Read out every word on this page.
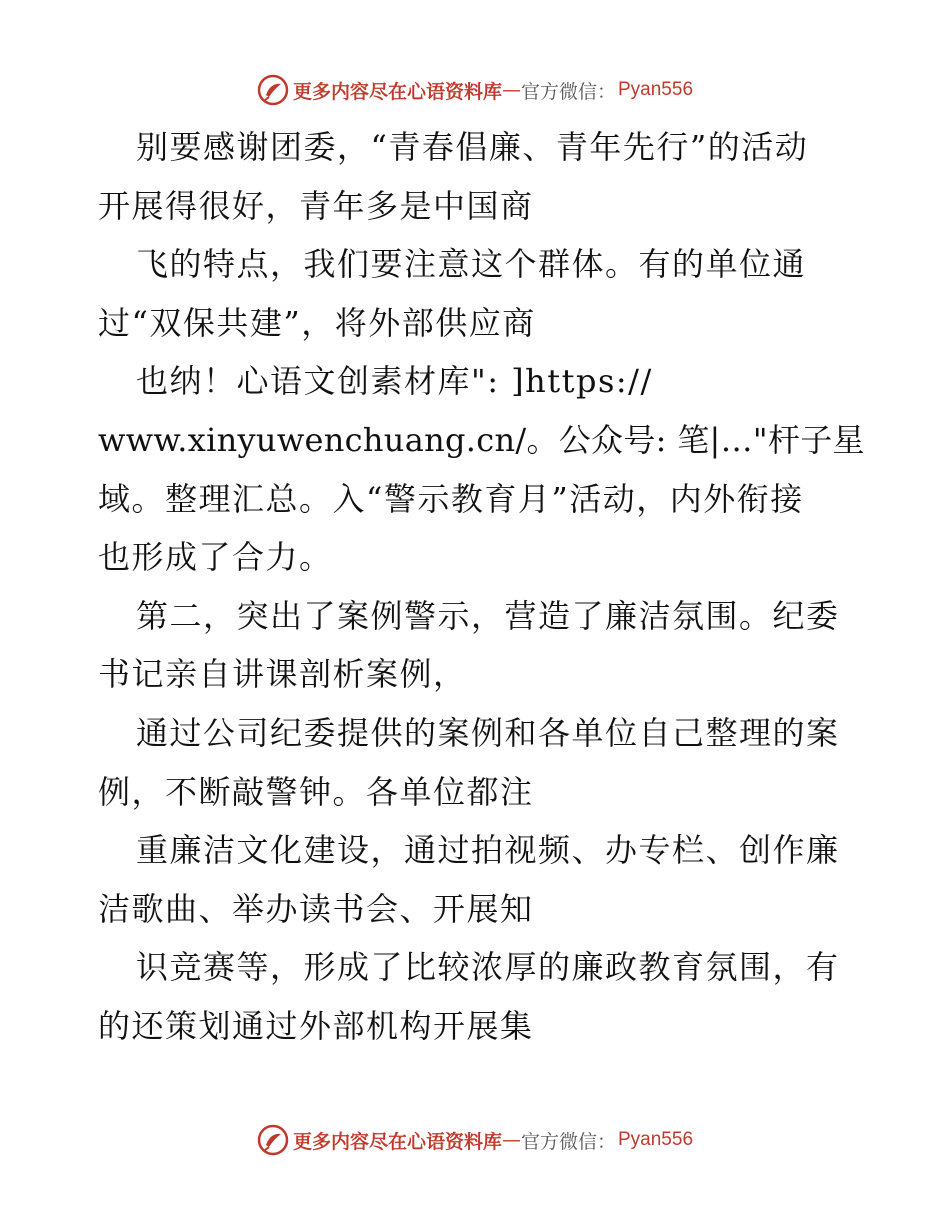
更多内容尽在心语资料库 — 官方微信： Pyan556
别要感谢团委，“青春倡廉、青年先行”的活动
开展得很好，青年多是中国商
飞的特点，我们要注意这个群体。有的单位通
过“双保共建”，将外部供应商
也纳！心语文创素材库": ]https://
www.xinyuwenchuang.cn/。公众号: 笔|…"杆子星
域。整理汇总。入“警示教育月”活动，内外衔接
也形成了合力。
第二，突出了案例警示，营造了廉洁氛围。纪委
书记亲自讲课剖析案例，
通过公司纪委提供的案例和各单位自己整理的案
例，不断敲警钟。各单位都注
重廉洁文化建设，通过拍视频、办专栏、创作廉
洁歌曲、举办读书会、开展知
识竞赛等，形成了比较浓厚的廉政教育氛围，有
的还策划通过外部机构开展集
更多内容尽在心语资料库 — 官方微信： Pyan556
